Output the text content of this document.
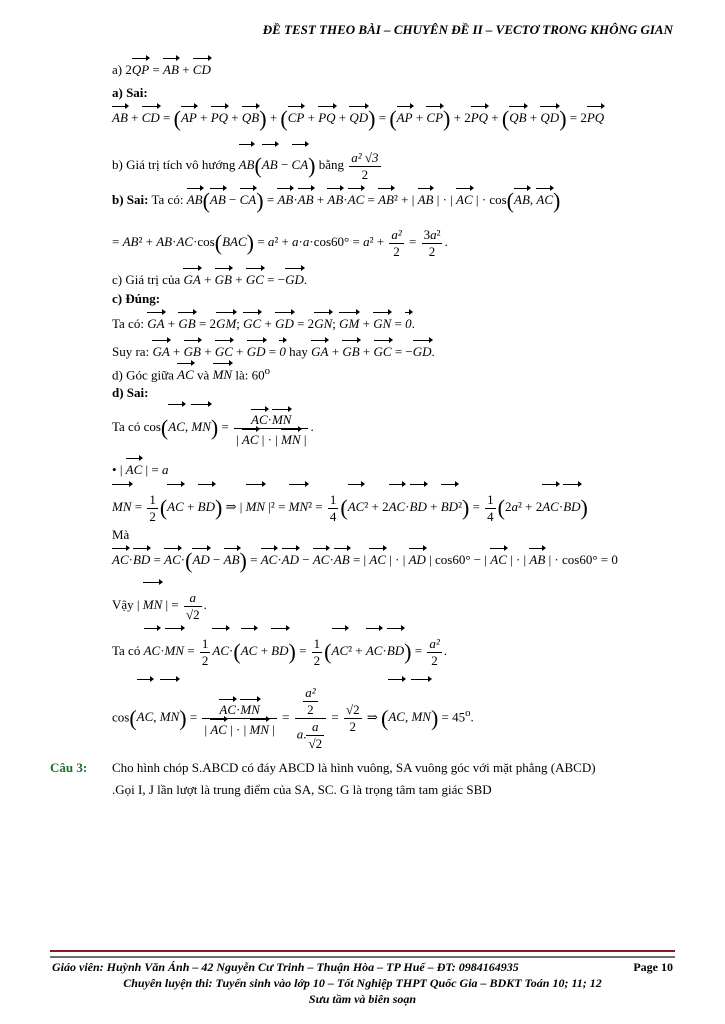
ĐỀ TEST THEO BÀI – CHUYÊN ĐỀ II – VECTƠ TRONG KHÔNG GIAN
a) 2QP = AB + CD
a) Sai:
AB + CD = (AP + PQ + QB) + (CP + PQ + QD) = (AP + CP) + 2PQ + (QB + QD) = 2PQ
b) Giá trị tích vô hướng AB(AB − CA) bằng $\frac{\text{a² √3}}{2}$
b) Sai: Ta có: AB(AB − CA) = AB·AB + AB·AC = AB² + | AB | · | AC | · cos(AB, AC)
= $AB^2 + AB\cdot AC\cdot\cos(BAC) = a^2 + a\cdot a\cdot\cos 60^\circ = a^2 + \frac{\text{a²}}{2} = \frac{\text{3a²}}{2}$ .
c) Giá trị của GA + GB + GC = −GD.
c) Đúng:
Ta có: GA + GB = 2GM; GC + GD = 2GN; GM + GN = 0.
Suy ra: GA + GB + GC + GD = 0 hay GA + GB + GC = −GD.
d) Góc giữa AC và MN là: 60$^o$
d) Sai:
Ta có cos(AC, $MN) = \frac{AC\cdot MN}{| AC | \cdot | MN |}$ .
• | AC | = a
MN = $\frac{1}{2} (AC + BD)$ ⇒ | MN $|^2 = MN^2 = \frac{1}{4} (AC^2 + 2AC\cdot BD + BD^2) = \frac{1}{4} (2a^2 + 2AC\cdot BD)$
Mà
AC·BD = AC·(AD − AB) = AC·AD − AC·AB = | AC | · | AD | cos60° − | AC | · | AB | · cos60° = 0
Vậy | MN | = $\frac{a}{√2}$ .
Ta có $AC\cdot MN = \frac{1}{2} AC\cdot(AC + BD) = \frac{1}{2} (AC^2 + AC\cdot BD) = \frac{\text{a²}}{2}$ .
cos(AC, $MN) = \frac{AC\cdot MN}{| AC | \cdot | MN |} = \frac{\frac{\text{a²}}{2}}{a. \frac{a}{√2}} = \frac{√2}{2}$ ⇒ (AC, $MN) = 45^o$.
Câu 3: Cho hình chóp S.ABCD có đáy ABCD là hình vuông, SA vuông góc với mặt phẳng (ABCD)
.Gọi I, J lần lượt là trung điểm của SA, SC. G là trọng tâm tam giác SBD
Giáo viên: Huỳnh Văn Ánh – 42 Nguyễn Cư Trinh – Thuận Hòa – TP Huế – ĐT: 0984164935	Page 10
Chuyên luyện thi: Tuyển sinh vào lớp 10 – Tốt Nghiệp THPT Quốc Gia – BDKT Toán 10; 11; 12
Sưu tầm và biên soạn
